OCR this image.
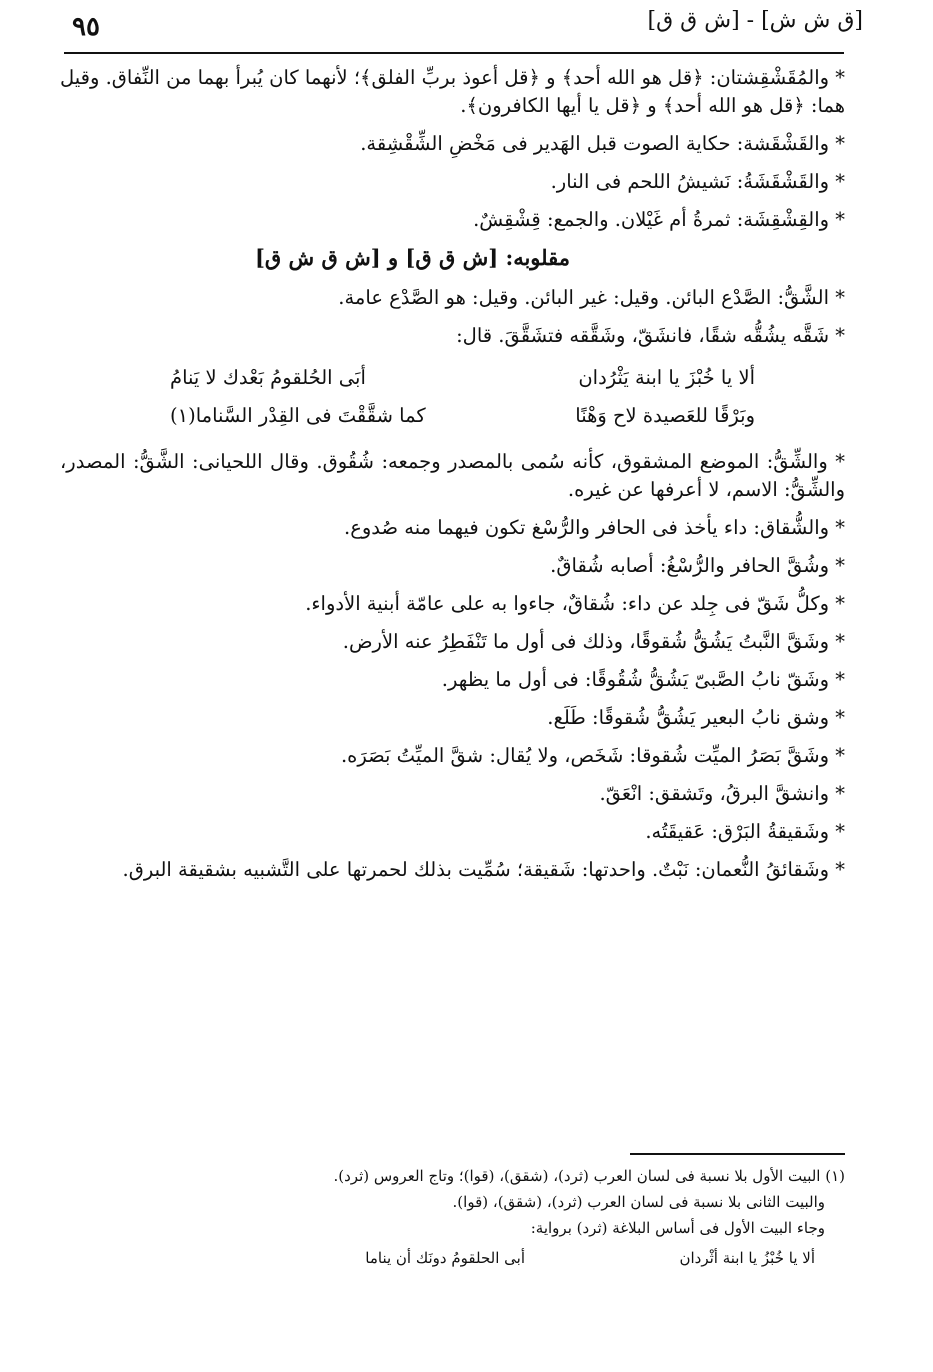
[ق ش ش] - [ش ق ق]
٩٥

* والمُقَشْقِشتان: ﴿قل هو الله أحد﴾ و ﴿قل أعوذ بربِّ الفلق﴾؛ لأنهما كان يُبرأ بهما من النِّفاق. وقيل هما: ﴿قل هو الله أحد﴾ و ﴿قل يا أيها الكافرون﴾.

* والقَشْقَشة: حكاية الصوت قبل الهَدير فى مَخْضِ الشِّقْشِقة.

* والقَشْقَشَةُ: نَشيشُ اللحم فى النار.

* والقِشْقِشَة: ثمرةُ أم غَيْلان. والجمع: قِشْقِشٌ.

مقلوبه: [ش ق ق] و [ش ق ش ق]

* الشَّقُّ: الصَّدْع البائن. وقيل: غير البائن. وقيل: هو الصَّدْع عامة.

* شَقَّه يشُقُّه شقًا، فانشَقّ، وشَقَّقه فتشَقَّقَ. قال:

ألا يا خُبْزَ يا ابنة يَثْرُدان
أبَى الحُلقومُ بَعْدك لا يَنامُ
وبَرْقًا للعَصيدة لاح وَهْنًا
كما شقَّقْتَ فى القِدْر السَّناما(١)

* والشِّقُّ: الموضع المشقوق، كأنه سُمى بالمصدر وجمعه: شُقُوق. وقال اللحيانى: الشَّقُّ: المصدر، والشِّقُّ: الاسم، لا أعرفها عن غيره.

* والشُّقاق: داء يأخذ فى الحافر والرُّسْغ تكون فيهما منه صُدوع.

* وشُقَّ الحافر والرُّسْغُ: أصابه شُقاقٌ.

* وكلُّ شَقّ فى جِلد عن داء: شُقاقٌ، جاءوا به على عامّة أبنية الأدواء.

* وشَقَّ النَّبتُ يَشُقُّ شُقوقًا، وذلك فى أول ما تَنْفَطِرُ عنه الأرض.

* وشَقّ نابُ الصَّبىّ يَشُقُّ شُقُوقًا: فى أول ما يظهر.

* وشق نابُ البعير يَشُقُّ شُقوقًا: طَلَع.

* وشَقَّ بَصَرُ الميِّت شُقوقا: شَخَص، ولا يُقال: شقَّ الميِّتُ بَصَرَه.

* وانشقَّ البرقُ، وتَشقق: انْعَقّ.

* وشَقيقةُ البَرْق: عَقيقَتُه.

* وشَقائقُ النُّعمان: نَبْتٌ. واحدتها: شَقيقة؛ سُمِّيت بذلك لحمرتها على التَّشبيه بشقيقة البرق.

(١) البيت الأول بلا نسبة فى لسان العرب (ثرد)، (شقق)، (قوا)؛ وتاج العروس (ثرد).

والبيت الثانى بلا نسبة فى لسان العرب (ثرد)، (شقق)، (قوا).

وجاء البيت الأول فى أساس البلاغة (ثرد) برواية:

ألا يا خُبْزُ يا ابنة أثْردان
أبى الحلقومُ دونَك أن يناما
